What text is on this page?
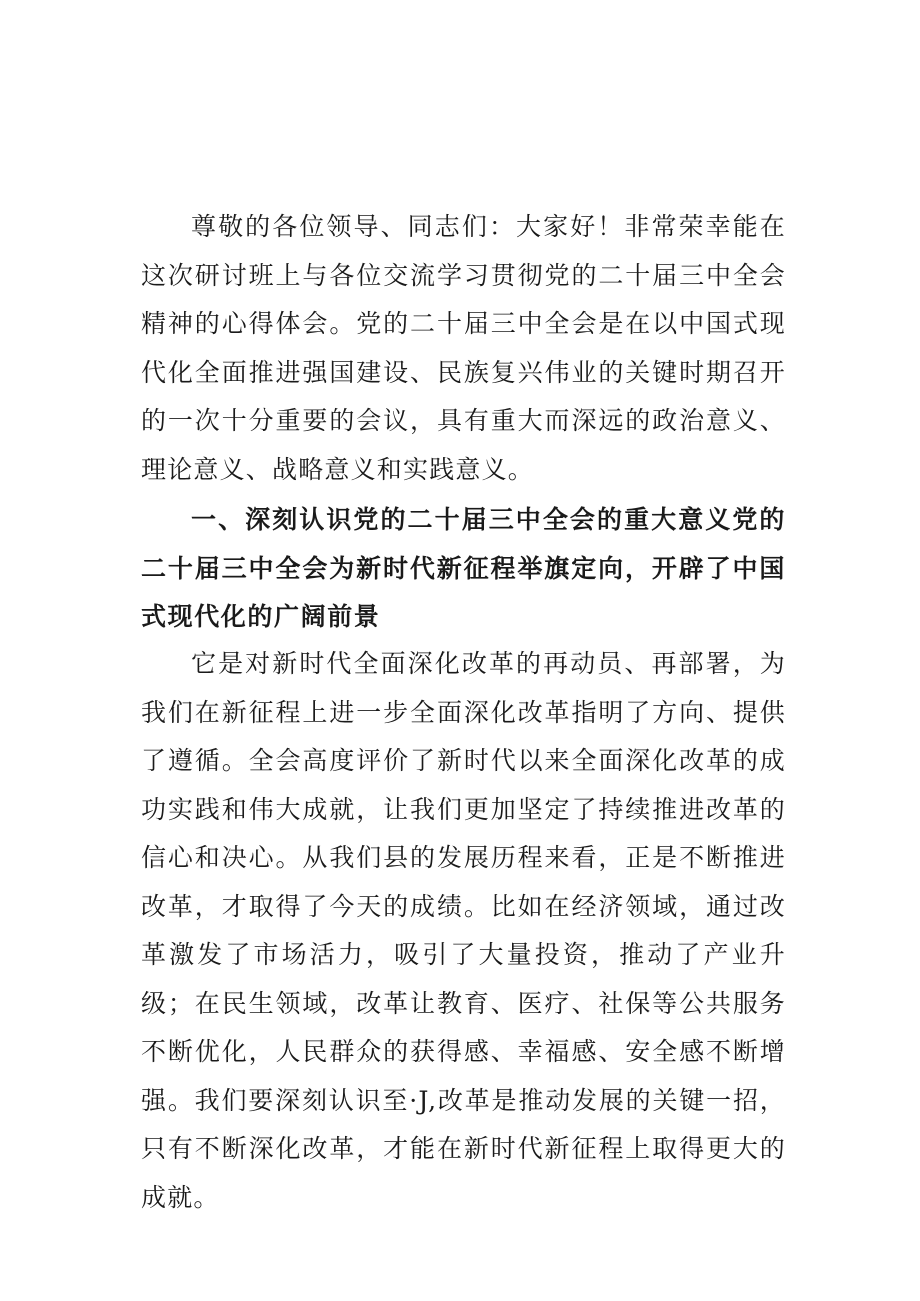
尊敬的各位领导、同志们：大家好！非常荣幸能在这次研讨班上与各位交流学习贯彻党的二十届三中全会精神的心得体会。党的二十届三中全会是在以中国式现代化全面推进强国建设、民族复兴伟业的关键时期召开的一次十分重要的会议，具有重大而深远的政治意义、理论意义、战略意义和实践意义。

一、深刻认识党的二十届三中全会的重大意义党的二十届三中全会为新时代新征程举旗定向，开辟了中国式现代化的广阔前景

它是对新时代全面深化改革的再动员、再部署，为我们在新征程上进一步全面深化改革指明了方向、提供了遵循。全会高度评价了新时代以来全面深化改革的成功实践和伟大成就，让我们更加坚定了持续推进改革的信心和决心。从我们县的发展历程来看，正是不断推进改革，才取得了今天的成绩。比如在经济领域，通过改革激发了市场活力，吸引了大量投资，推动了产业升级；在民生领域，改革让教育、医疗、社保等公共服务不断优化，人民群众的获得感、幸福感、安全感不断增强。我们要深刻认识至·J,改革是推动发展的关键一招，只有不断深化改革，才能在新时代新征程上取得更大的成就。
